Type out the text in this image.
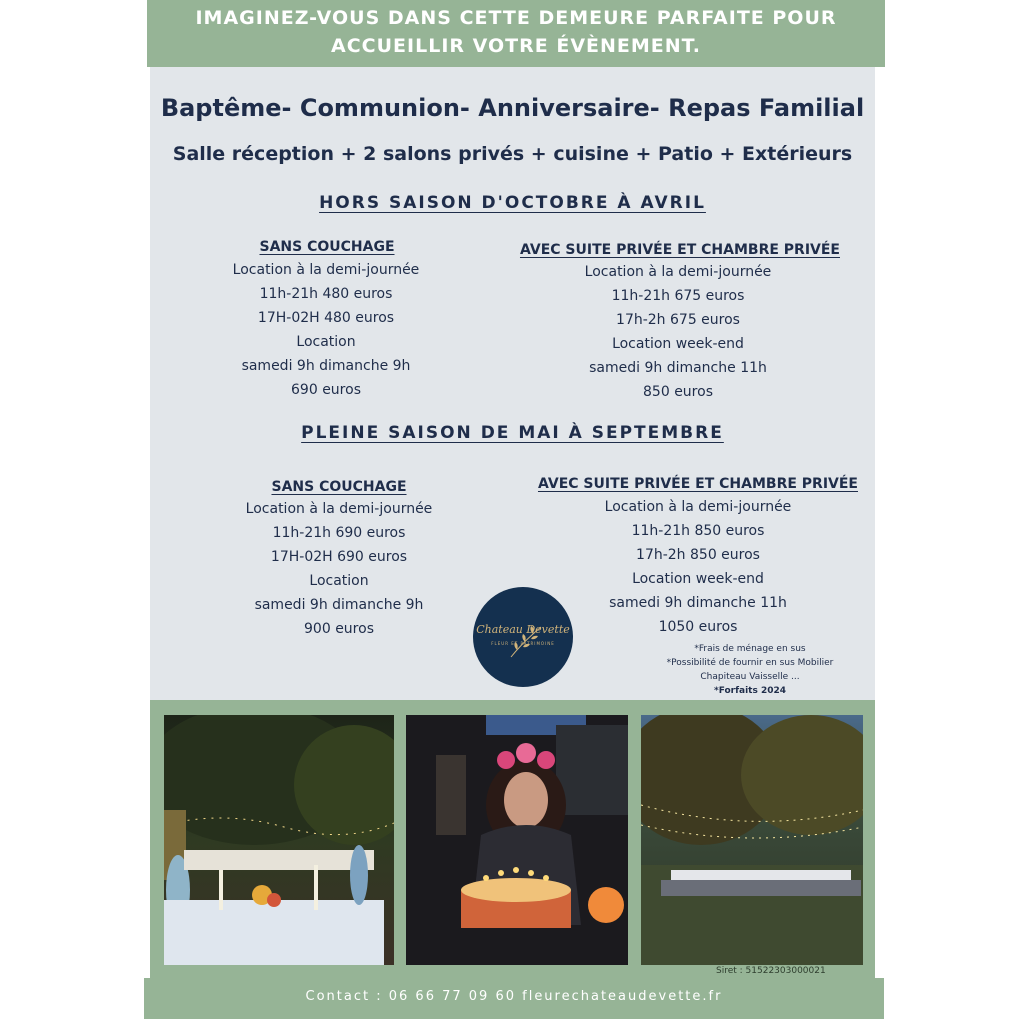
IMAGINEZ-VOUS DANS CETTE DEMEURE PARFAITE POUR
ACCUEILLIR VOTRE ÉVÈNEMENT.
Baptême- Communion- Anniversaire- Repas Familial
Salle réception + 2 salons privés + cuisine + Patio + Extérieurs
HORS SAISON D'OCTOBRE À AVRIL
SANS COUCHAGE
Location à la demi-journée
11h-21h 480 euros
17H-02H 480 euros
Location
samedi 9h dimanche 9h
690 euros
AVEC SUITE PRIVÉE ET CHAMBRE PRIVÉE
Location à la demi-journée
11h-21h 675 euros
17h-2h 675 euros
Location week-end
samedi 9h dimanche 11h
850 euros
PLEINE SAISON DE MAI À SEPTEMBRE
SANS COUCHAGE
Location à la demi-journée
11h-21h 690 euros
17H-02H 690 euros
Location
samedi 9h dimanche 9h
900 euros
AVEC SUITE PRIVÉE ET CHAMBRE PRIVÉE
Location à la demi-journée
11h-21h 850 euros
17h-2h 850 euros
Location week-end
samedi 9h dimanche 11h
1050 euros
Chateau Devette
FLEUR ET PATRIMOINE
*Frais de ménage en sus
*Possibilité de fournir en sus Mobilier
Chapiteau Vaisselle ...
*Forfaits 2024
Siret : 51522303000021
Contact : 06 66 77 09 60 fleurechateaudevette.fr
